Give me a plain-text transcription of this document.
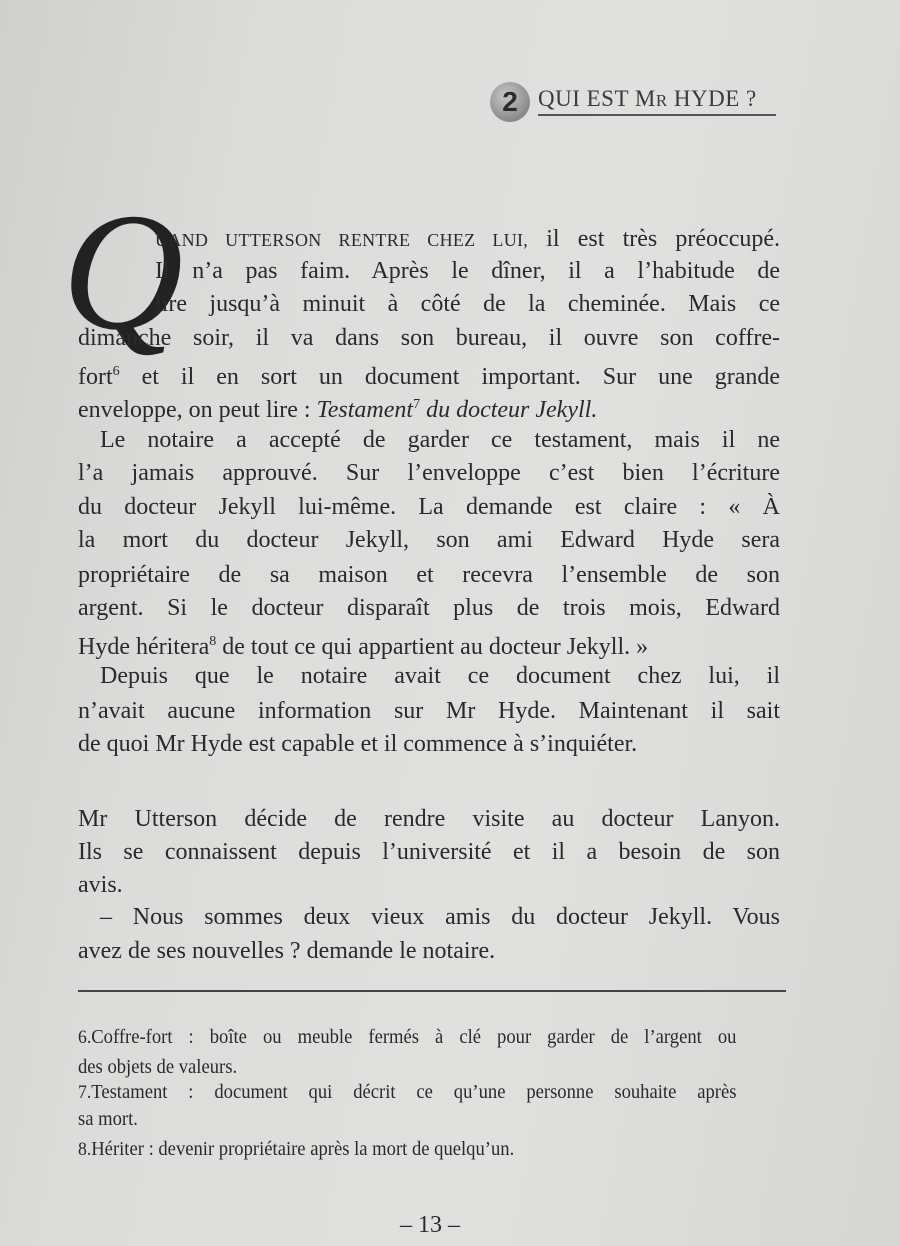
2 QUI EST MR HYDE ?
Q
UAND UTTERSON RENTRE CHEZ LUI, il est très préoccupé.
Il n’a pas faim. Après le dîner, il a l’habitude de
lire jusqu’à minuit à côté de la cheminée. Mais ce
dimanche soir, il va dans son bureau, il ouvre son coffre-
fort$^6$ et il en sort un document important. Sur une grande
enveloppe, on peut lire : Testament$^7$ du docteur Jekyll.
Le notaire a accepté de garder ce testament, mais il ne
l’a jamais approuvé. Sur l’enveloppe c’est bien l’écriture
du docteur Jekyll lui-même. La demande est claire : « À
la mort du docteur Jekyll, son ami Edward Hyde sera
propriétaire de sa maison et recevra l’ensemble de son
argent. Si le docteur disparaît plus de trois mois, Edward
Hyde héritera$^8$ de tout ce qui appartient au docteur Jekyll. »
Depuis que le notaire avait ce document chez lui, il
n’avait aucune information sur Mr Hyde. Maintenant il sait
de quoi Mr Hyde est capable et il commence à s’inquiéter.
Mr Utterson décide de rendre visite au docteur Lanyon.
Ils se connaissent depuis l’université et il a besoin de son
avis.
– Nous sommes deux vieux amis du docteur Jekyll. Vous
avez de ses nouvelles ? demande le notaire.
6.Coffre-fort : boîte ou meuble fermés à clé pour garder de l’argent ou
des objets de valeurs.
7.Testament : document qui décrit ce qu’une personne souhaite après
sa mort.
8.Hériter : devenir propriétaire après la mort de quelqu’un.
– 13 –
